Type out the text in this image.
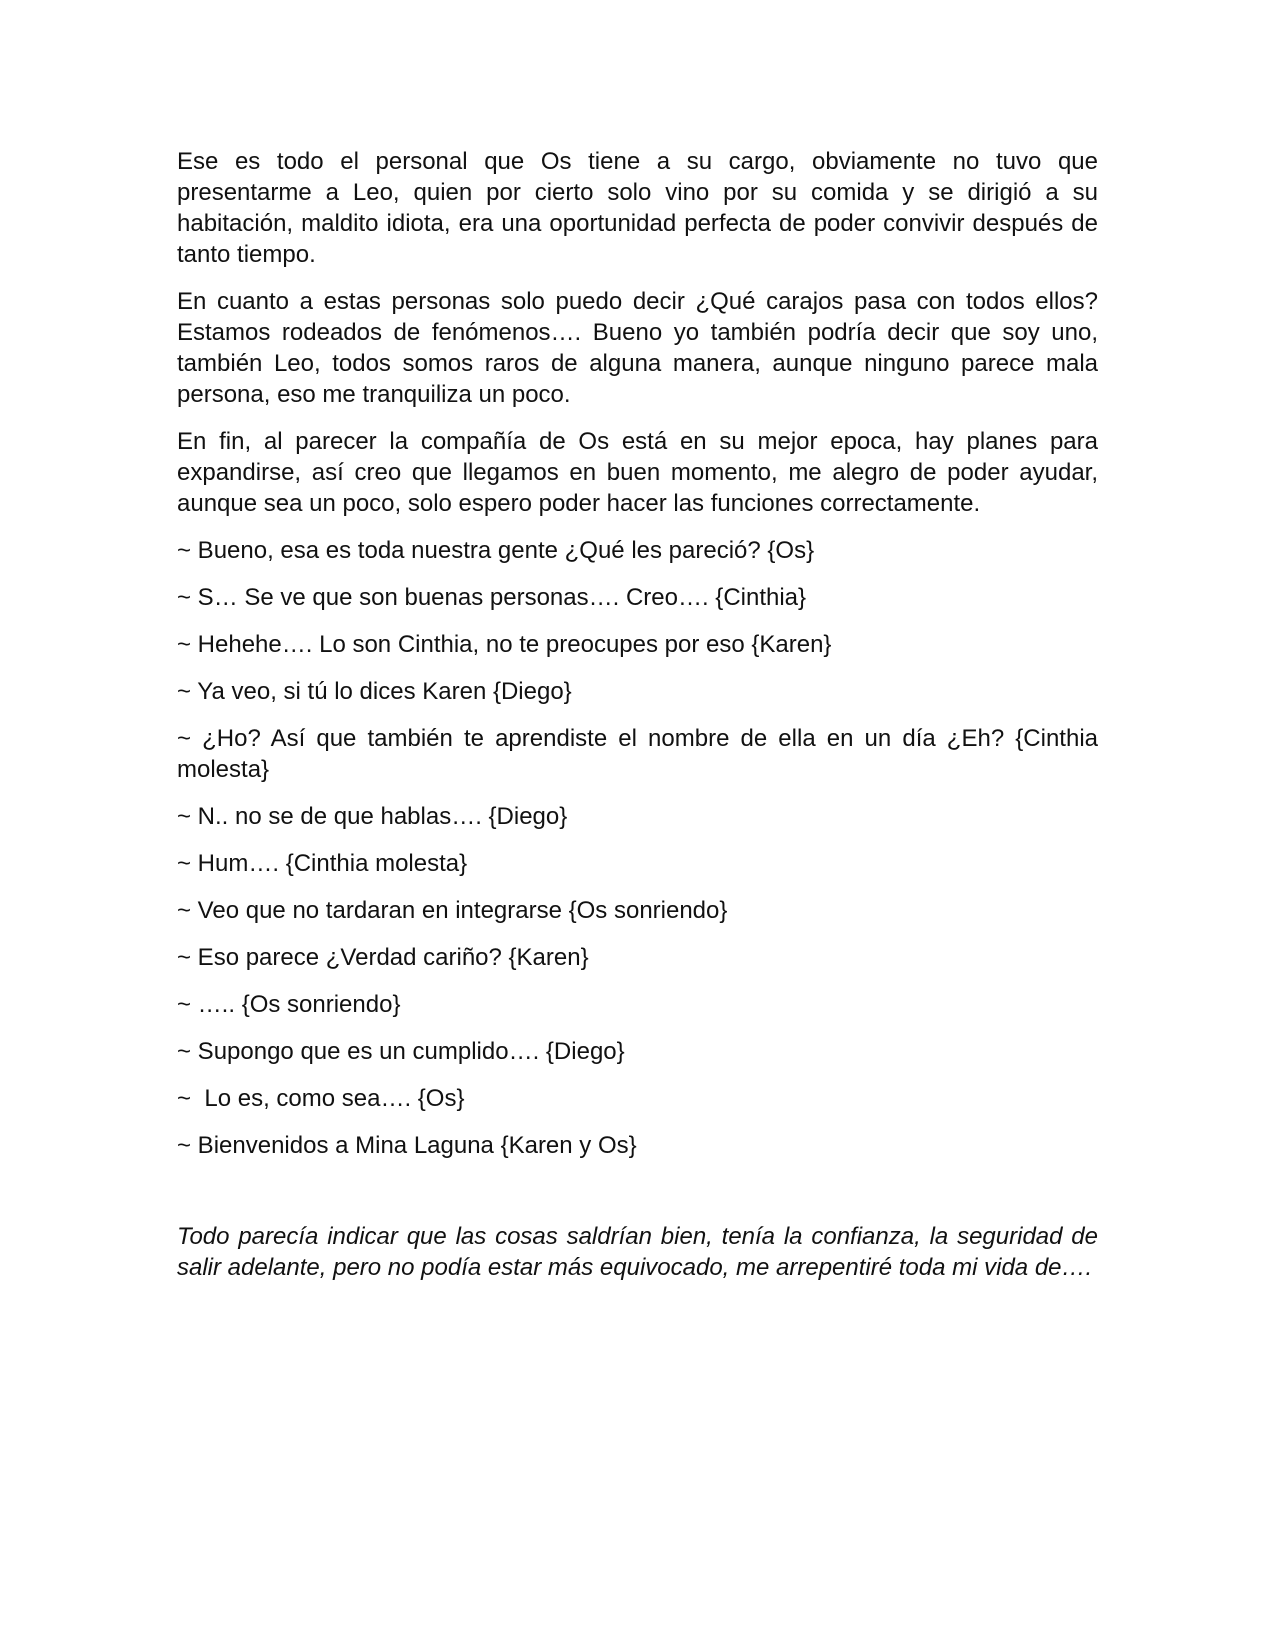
Ese es todo el personal que Os tiene a su cargo, obviamente no tuvo que presentarme a Leo, quien por cierto solo vino por su comida y se dirigió a su habitación, maldito idiota, era una oportunidad perfecta de poder convivir después de tanto tiempo.

En cuanto a estas personas solo puedo decir ¿Qué carajos pasa con todos ellos? Estamos rodeados de fenómenos…. Bueno yo también podría decir que soy uno, también Leo, todos somos raros de alguna manera, aunque ninguno parece mala persona, eso me tranquiliza un poco.

En fin, al parecer la compañía de Os está en su mejor epoca, hay planes para expandirse, así creo que llegamos en buen momento, me alegro de poder ayudar, aunque sea un poco, solo espero poder hacer las funciones correctamente.

~ Bueno, esa es toda nuestra gente ¿Qué les pareció? {Os}

~ S… Se ve que son buenas personas…. Creo…. {Cinthia}

~ Hehehe…. Lo son Cinthia, no te preocupes por eso {Karen}

~ Ya veo, si tú lo dices Karen {Diego}

~ ¿Ho? Así que también te aprendiste el nombre de ella en un día ¿Eh? {Cinthia molesta}

~ N.. no se de que hablas…. {Diego}

~ Hum…. {Cinthia molesta}

~ Veo que no tardaran en integrarse {Os sonriendo}

~ Eso parece ¿Verdad cariño? {Karen}

~ ….. {Os sonriendo}

~ Supongo que es un cumplido…. {Diego}

~  Lo es, como sea…. {Os}

~ Bienvenidos a Mina Laguna {Karen y Os}

Todo parecía indicar que las cosas saldrían bien, tenía la confianza, la seguridad de salir adelante, pero no podía estar más equivocado, me arrepentiré toda mi vida de….
